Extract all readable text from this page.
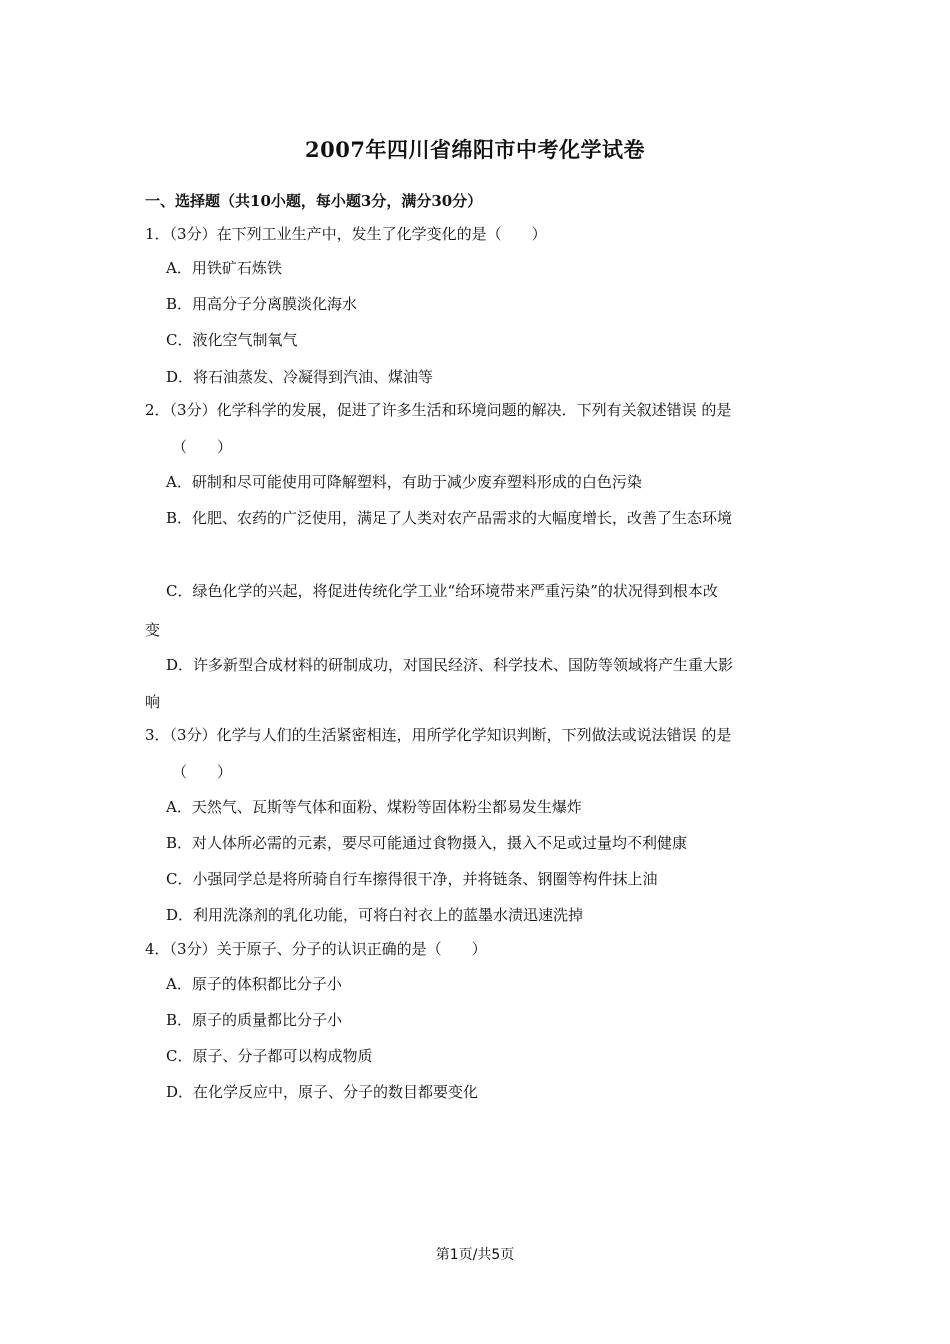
2007年四川省绵阳市中考化学试卷
一、选择题（共10小题，每小题3分，满分30分）
1．（3分）在下列工业生产中，发生了化学变化的是（　　）
A．用铁矿石炼铁
B．用高分子分离膜淡化海水
C．液化空气制氧气
D．将石油蒸发、冷凝得到汽油、煤油等
2．（3分）化学科学的发展，促进了许多生活和环境问题的解决．下列有关叙述错误 的是
（　　）
A．研制和尽可能使用可降解塑料，有助于减少废弃塑料形成的白色污染
B．化肥、农药的广泛使用，满足了人类对农产品需求的大幅度增长，改善了生态环境
C．绿色化学的兴起，将促进传统化学工业“给环境带来严重污染”的状况得到根本改
变
D．许多新型合成材料的研制成功，对国民经济、科学技术、国防等领域将产生重大影
响
3．（3分）化学与人们的生活紧密相连，用所学化学知识判断，下列做法或说法错误 的是
（　　）
A．天然气、瓦斯等气体和面粉、煤粉等固体粉尘都易发生爆炸
B．对人体所必需的元素，要尽可能通过食物摄入，摄入不足或过量均不利健康
C．小强同学总是将所骑自行车擦得很干净，并将链条、钢圈等构件抹上油
D．利用洗涤剂的乳化功能，可将白衬衣上的蓝墨水渍迅速洗掉
4．（3分）关于原子、分子的认识正确的是（　　）
A．原子的体积都比分子小
B．原子的质量都比分子小
C．原子、分子都可以构成物质
D．在化学反应中，原子、分子的数目都要变化
第1页/共5页
